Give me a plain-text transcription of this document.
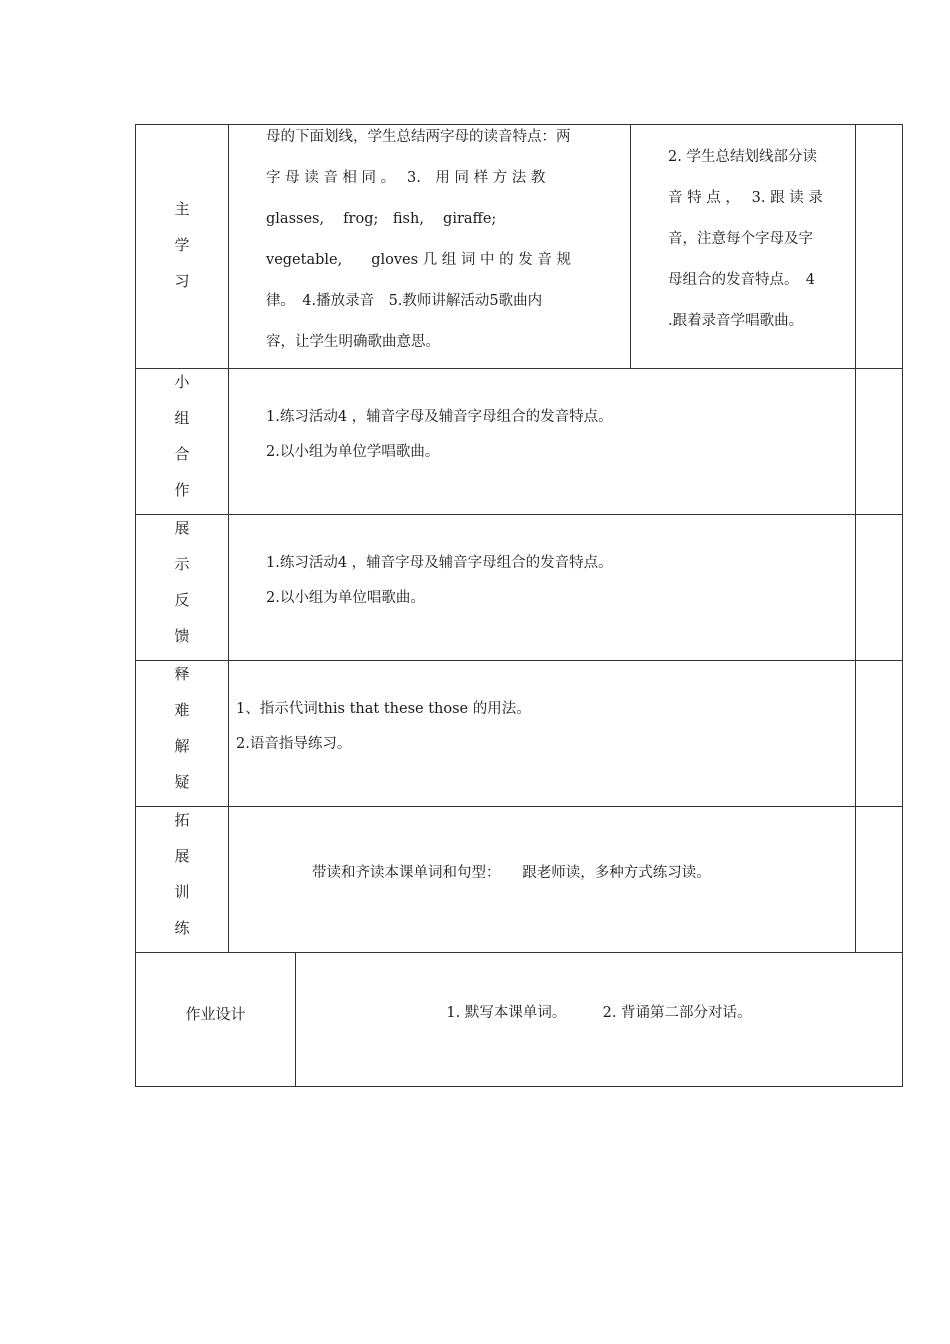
主
学
习
母的下面划线，学生总结两字母的读音特点：两
字 母 读 音 相 同 。　 3.　用 同 样 方 法 教
glasses,　 frog;　fish,　 giraffe;
vegetable,　　gloves 几 组 词 中 的 发 音 规
律。　4.播放录音　5.教师讲解活动5歌曲内
容，让学生明确歌曲意思。
2. 学生总结划线部分读
音 特 点 ，　 3. 跟 读 录
音，注意每个字母及字
母组合的发音特点。　4
.跟着录音学唱歌曲。
小
组
合
作
1.练习活动4 ，辅音字母及辅音字母组合的发音特点。
2.以小组为单位学唱歌曲。
展
示
反
馈
1.练习活动4 ，辅音字母及辅音字母组合的发音特点。
2.以小组为单位唱歌曲。
释
难
解
疑
1、指示代词this that these those 的用法。
2.语音指导练习。
拓
展
训
练
带读和齐读本课单词和句型：　　跟老师读，多种方式练习读。
作业设计	1. 默写本课单词。　　　2. 背诵第二部分对话。
